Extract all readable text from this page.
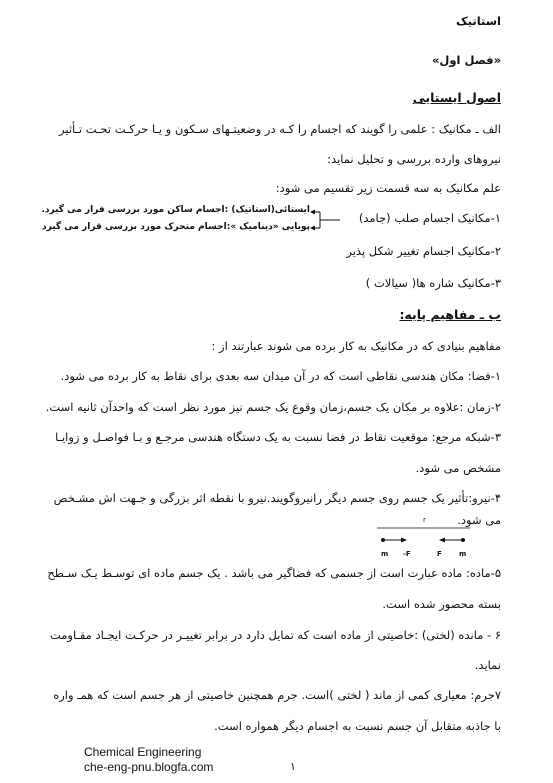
استاتیک
«فصل اول»
اصول ایستایی
الف ـ مکانیک : علمی را گویند که اجسام را کـه در وضعیتـهای سـکون و یـا حرکـت تحـت تـأثیر
نیروهای وارده بررسی و تحلیل نماید:
علم مکانیک به سه قسمت زیر تقسیم می شود:
۱-مکانیک اجسام صلب (جامد)
۲-مکانیک اجسام تغییر شکل پذیر
۳-مکانیک شاره ها( سیالات )
ایستائی(استاتیک) :اجسام ساکن مورد بررسی قرار می گیرد.
پویایی «دینامیک »:اجسام متحرک مورد بررسی قرار می گیرد
ب ـ مفاهیم پایه:
مفاهیم بنیادی که در مکانیک به کار برده می شوند عبارتند از :
۱-فضا: مکان هندسی نقاطی است که در آن میدان سه بعدی برای نقاط به کار برده می شود.
۲-زمان :علاوه بر مکان یک جسم،زمان وقوع یک جسم نیز مورد نظر است که واحدآن ثانیه است.
۳-شبکه مرجع: موقعیت نقاط در فضا نسبت به یک دستگاه هندسی مرجـع و بـا فواصـل و زوایـا
مشخص می شود.
۴-نیرو:تأثیر یک جسم روی جسم دیگر رانیروگویند.نیرو با نقطه اثر بزرگی و جـهت اش مشـخص
می شود.
r
m -F	F m
۵-ماده: ماده عبارت است از جسمی که فضاگیر می باشد . یک جسم ماده ای توسـط یـک سـطح
بسته محصور شده است.
۶ - مانده (لختی) :خاصیتی از ماده است که تمایل دارد در برابر تغییـر در حرکـت ایجـاد مقـاومت
نماید.
۷جرم: معیاری کمی از ماند ( لختی )است. جرم همچنین خاصیتی از هر جسم است که همـ واره
با جاذبه متقابل آن جسم نسبت به اجسام دیگر همواره است.
Chemical Engineering
che-eng-pnu.blogfa.com	۱
